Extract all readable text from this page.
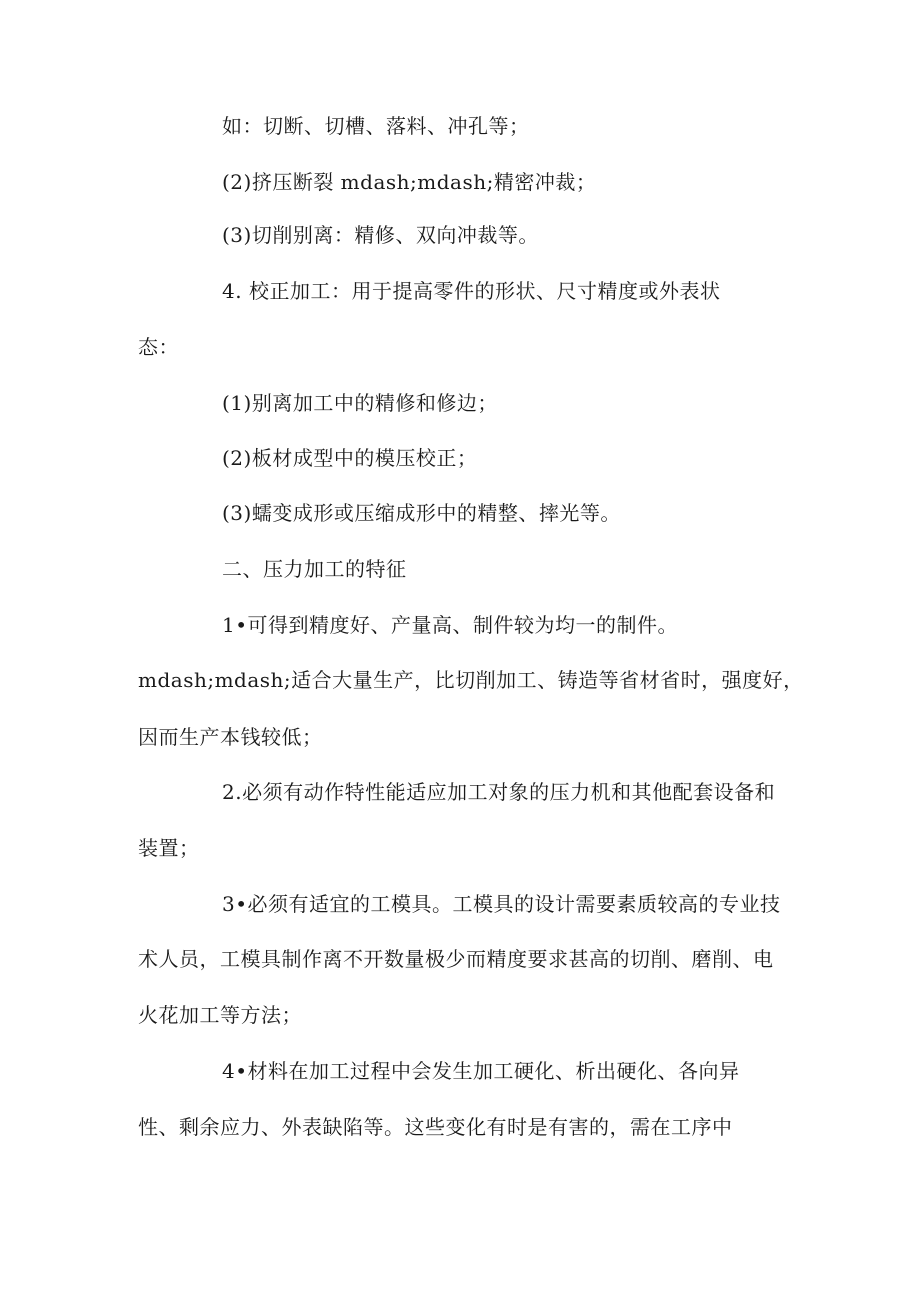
如：切断、切槽、落料、冲孔等；
(2)挤压断裂 mdash;mdash;精密冲裁；
(3)切削别离：精修、双向冲裁等。
4. 校正加工：用于提高零件的形状、尺寸精度或外表状
态：
(1)别离加工中的精修和修边；
(2)板材成型中的模压校正；
(3)蠕变成形或压缩成形中的精整、摔光等。
二、压力加工的特征
1•可得到精度好、产量高、制件较为均一的制件。
mdash;mdash;适合大量生产，比切削加工、铸造等省材省时，强度好，
因而生产本钱较低；
2.必须有动作特性能适应加工对象的压力机和其他配套设备和
装置；
3•必须有适宜的工模具。工模具的设计需要素质较高的专业技
术人员，工模具制作离不开数量极少而精度要求甚高的切削、磨削、电
火花加工等方法；
4•材料在加工过程中会发生加工硬化、析出硬化、各向异
性、剩余应力、外表缺陷等。这些变化有时是有害的，需在工序中
